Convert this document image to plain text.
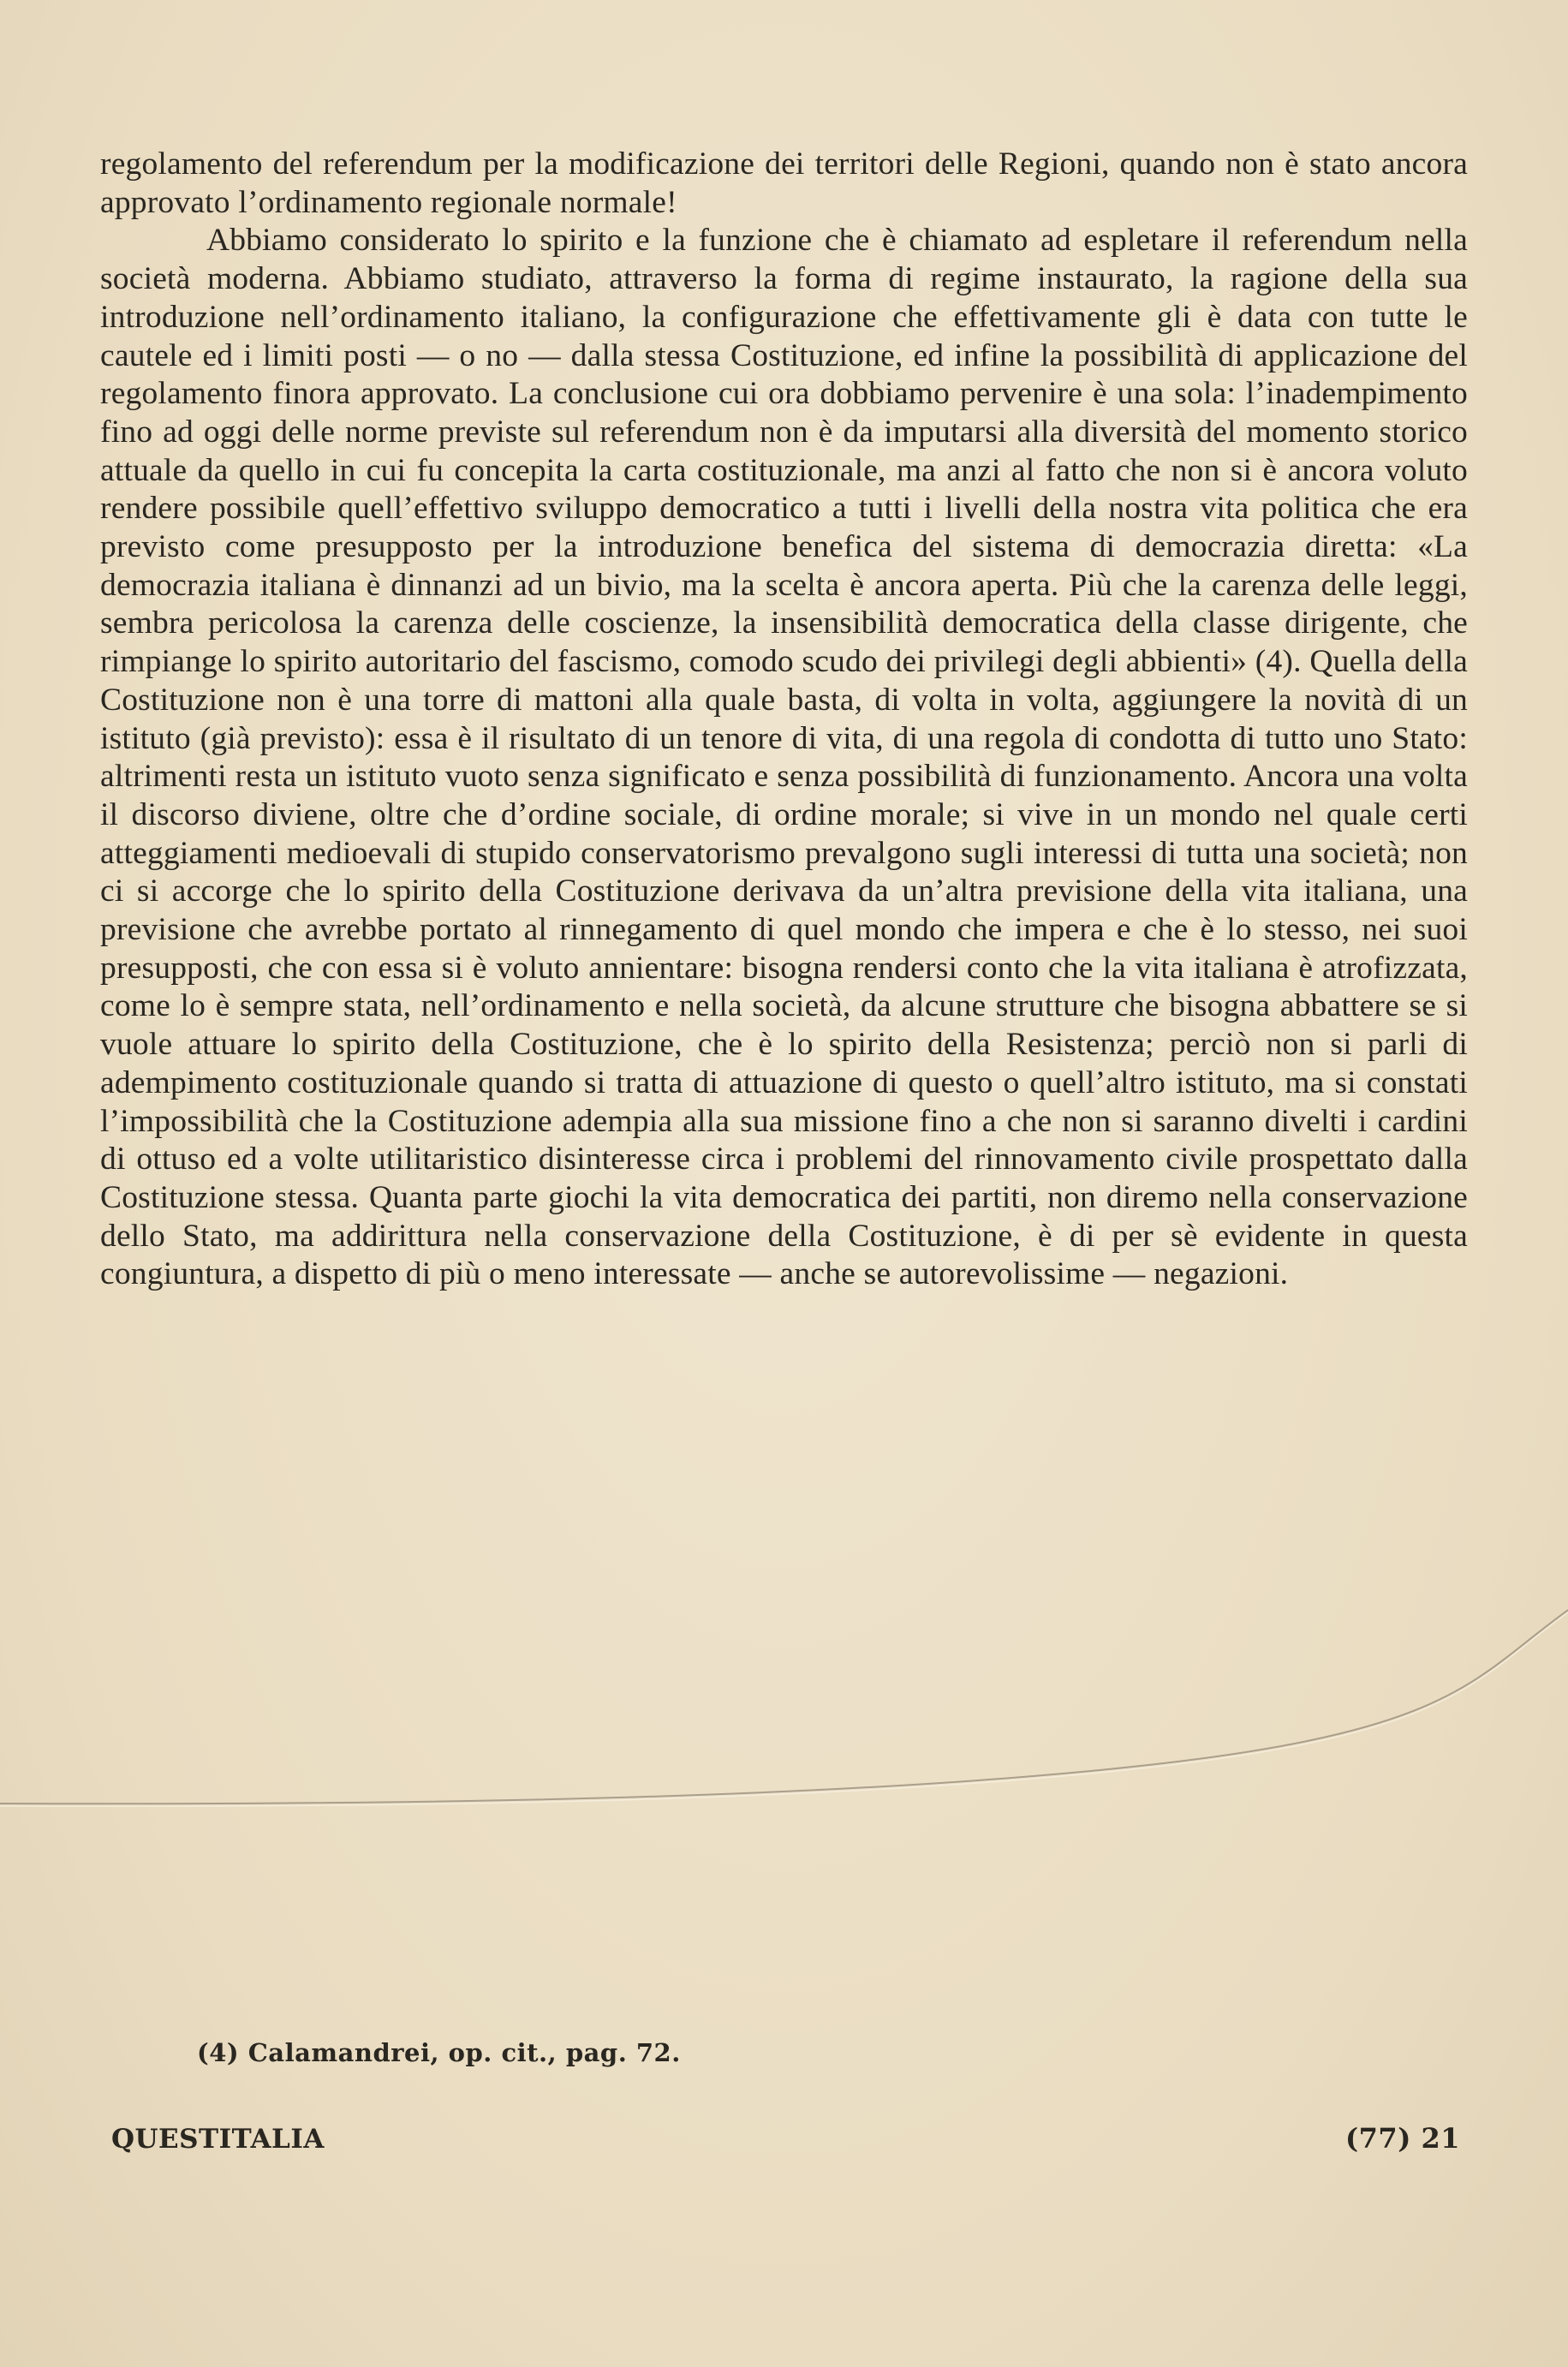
regolamento del referendum per la modificazione dei territori delle Regioni, quando non è stato ancora approvato l’ordinamento regionale normale!

Abbiamo considerato lo spirito e la funzione che è chiamato ad espletare il referendum nella società moderna. Abbiamo studiato, attraverso la forma di regime instaurato, la ragione della sua introduzione nell’ordinamento italiano, la configurazione che effettivamente gli è data con tutte le cautele ed i limiti posti — o no — dalla stessa Costituzione, ed infine la possibilità di applicazione del regolamento finora approvato. La conclusione cui ora dobbiamo pervenire è una sola: l’inadempimento fino ad oggi delle norme previste sul referendum non è da imputarsi alla diversità del momento storico attuale da quello in cui fu concepita la carta costituzionale, ma anzi al fatto che non si è ancora voluto rendere possibile quell’effettivo sviluppo democratico a tutti i livelli della nostra vita politica che era previsto come presupposto per la introduzione benefica del sistema di democrazia diretta: «La democrazia italiana è dinnanzi ad un bivio, ma la scelta è ancora aperta. Più che la carenza delle leggi, sembra pericolosa la carenza delle coscienze, la insensibilità democratica della classe dirigente, che rimpiange lo spirito autoritario del fascismo, comodo scudo dei privilegi degli abbienti» (4). Quella della Costituzione non è una torre di mattoni alla quale basta, di volta in volta, aggiungere la novità di un istituto (già previsto): essa è il risultato di un tenore di vita, di una regola di condotta di tutto uno Stato: altrimenti resta un istituto vuoto senza significato e senza possibilità di funzionamento. Ancora una volta il discorso diviene, oltre che d’ordine sociale, di ordine morale; si vive in un mondo nel quale certi atteggiamenti medioevali di stupido conservatorismo prevalgono sugli interessi di tutta una società; non ci si accorge che lo spirito della Costituzione derivava da un’altra previsione della vita italiana, una previsione che avrebbe portato al rinnegamento di quel mondo che impera e che è lo stesso, nei suoi presupposti, che con essa si è voluto annientare: bisogna rendersi conto che la vita italiana è atrofizzata, come lo è sempre stata, nell’ordinamento e nella società, da alcune strutture che bisogna abbattere se si vuole attuare lo spirito della Costituzione, che è lo spirito della Resistenza; perciò non si parli di adempimento costituzionale quando si tratta di attuazione di questo o quell’altro istituto, ma si constati l’impossibilità che la Costituzione adempia alla sua missione fino a che non si saranno divelti i cardini di ottuso ed a volte utilitaristico disinteresse circa i problemi del rinnovamento civile prospettato dalla Costituzione stessa. Quanta parte giochi la vita democratica dei partiti, non diremo nella conservazione dello Stato, ma addirittura nella conservazione della Costituzione, è di per sè evidente in questa congiuntura, a dispetto di più o meno interessate — anche se autorevolissime — negazioni.

(4) Calamandrei, op. cit., pag. 72.
QUESTITALIA	(77) 21
